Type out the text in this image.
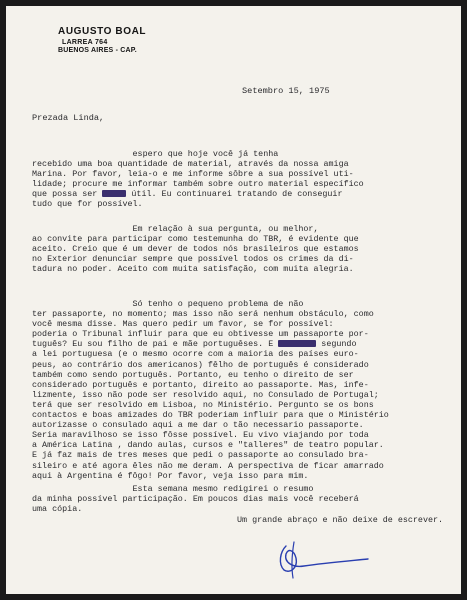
AUGUSTO BOAL
LARREA 764
BUENOS AIRES - CAP.
Setembro 15, 1975
Prezada Linda,
espero que hoje você já tenha
recebido uma boa quantidade de material, através da nossa amiga
Marina. Por favor, leia-o e me informe sôbre a sua possível uti-
lidade; procure me informar também sobre outro material específico
que possa ser	útil. Eu continuarei tratando de conseguir
tudo que for possível.
Em relação à sua pergunta, ou melhor,
ao convite para participar como testemunha do TBR, é evidente que
aceito. Creio que é um dever de todos nós brasileiros que estamos
no Exterior denunciar sempre que possível todos os crimes da di-
tadura no poder. Aceito com muita satisfação, com muita alegria.
Só tenho o pequeno problema de não
ter passaporte, no momento; mas isso não será nenhum obstáculo, como
você mesma disse. Mas quero pedir um favor, se for possível:
poderia o Tribunal influir para que eu obtivesse um passaporte por-
tuguês? Eu sou filho de pai e mãe portuguêses. E	segundo
a lei portuguesa (e o mesmo ocorre com a maioria des países euro-
peus, ao contrário dos americanos) fêlho de português é considerado
também como sendo português. Portanto, eu tenho o direito de ser
considerado português e portanto, direito ao passaporte. Mas, infe-
lizmente, isso não pode ser resolvido aqui, no Consulado de Portugal;
terá que ser resolvido em Lisboa, no Ministério. Pergunto se os bons
contactos e boas amizades do TBR poderiam influir para que o Ministério
autorizasse o consulado aqui a me dar o tão necessario passaporte.
Seria maravilhoso se isso fôsse possível. Eu vivo viajando por toda
a América Latina , dando aulas, cursos e "talleres" de teatro popular.
E já faz mais de tres meses que pedi o passaporte ao consulado bra-
sileiro e até agora êles não me deram. A perspectiva de ficar amarrado
aqui à Argentina é fôgo! Por favor, veja isso para mim.
Esta semana mesmo redigirei o resumo
da minha possível participação. Em poucos dias mais você receberá
uma cópia.
Um grande abraço e não deixe de escrever.
